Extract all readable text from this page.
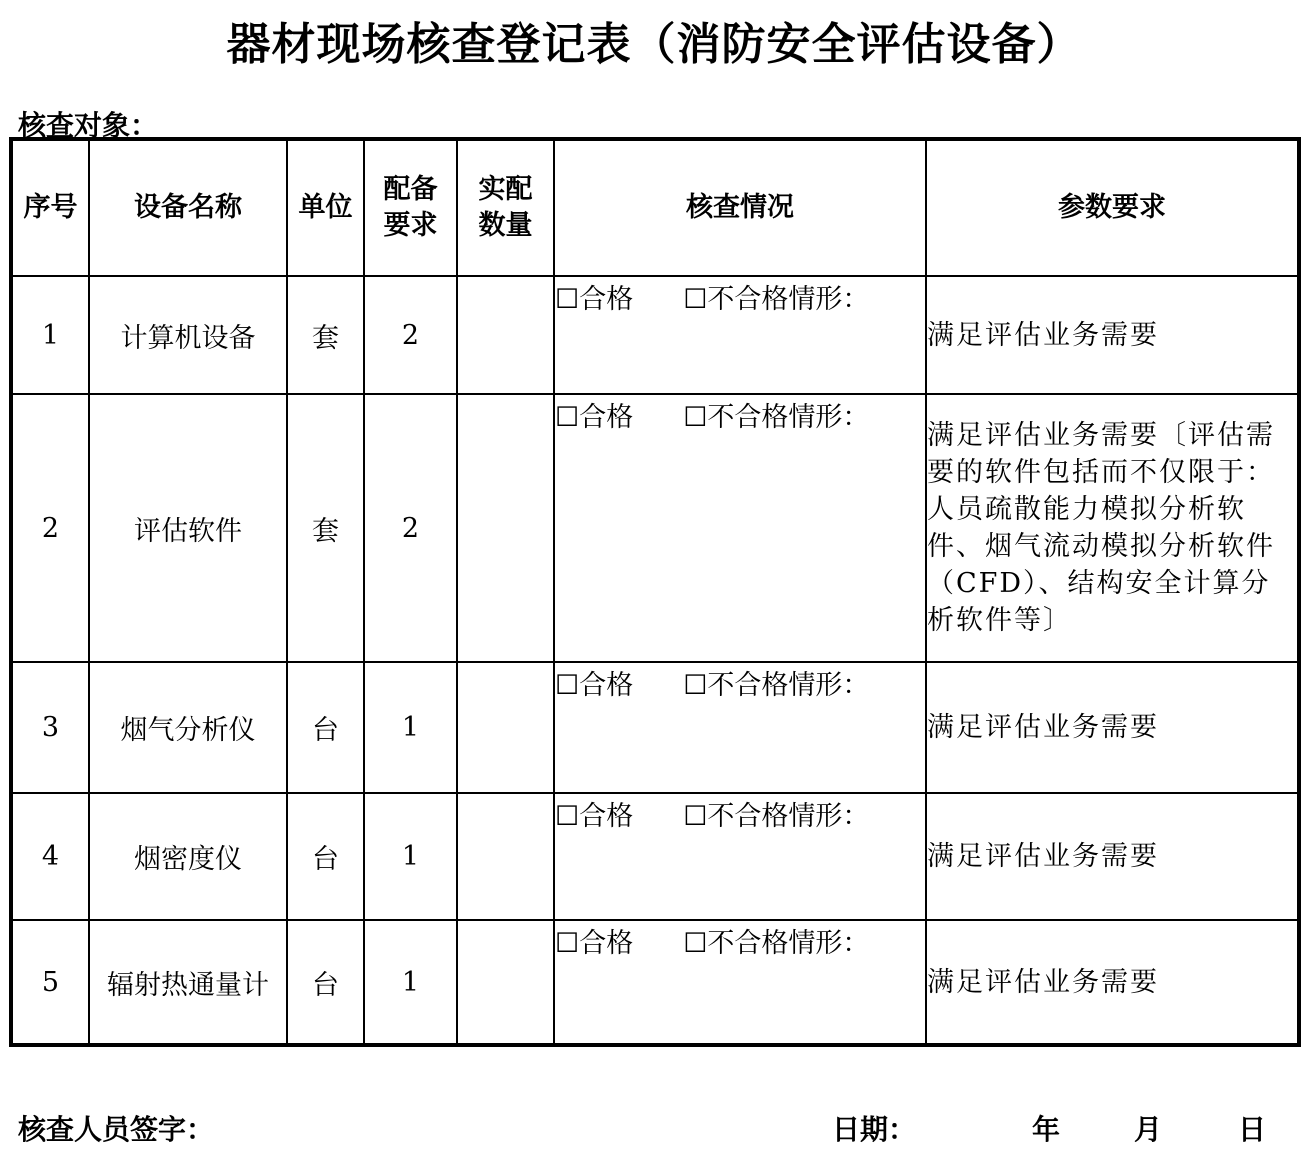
器材现场核查登记表（消防安全评估设备）
核查对象：
序号	设备名称	单位	配备要求	实配数量	核查情况	参数要求
1	计算机设备	套	2		☐合格 ☐不合格情形：	满足评估业务需要
2	评估软件	套	2		☐合格 ☐不合格情形：	满足评估业务需要〔评估需要的软件包括而不仅限于：人员疏散能力模拟分析软件、烟气流动模拟分析软件（CFD）、结构安全计算分析软件等〕
3	烟气分析仪	台	1		☐合格 ☐不合格情形：	满足评估业务需要
4	烟密度仪	台	1		☐合格 ☐不合格情形：	满足评估业务需要
5	辐射热通量计	台	1		☐合格 ☐不合格情形：	满足评估业务需要
核查人员签字：	日期：	年	月	日
